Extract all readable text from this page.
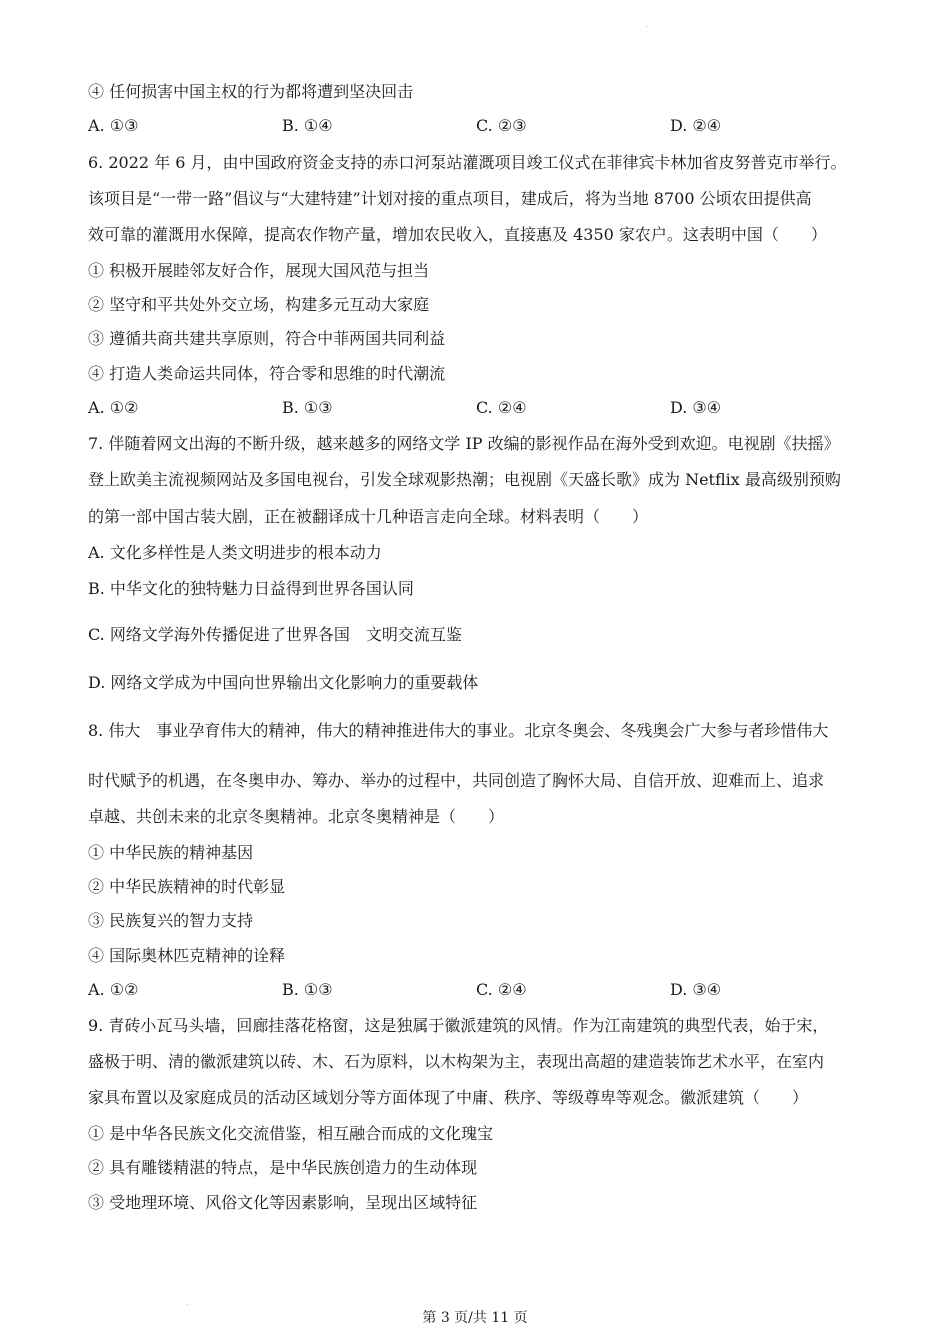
.
④ 任何损害中国主权的行为都将遭到坚决回击
A. ①③	B. ①④	C. ②③	D. ②④
6. 2022 年 6 月，由中国政府资金支持的赤口河泵站灌溉项目竣工仪式在菲律宾卡林加省皮努普克市举行。
该项目是“一带一路”倡议与“大建特建”计划对接的重点项目，建成后，将为当地 8700 公顷农田提供高
效可靠的灌溉用水保障，提高农作物产量，增加农民收入，直接惠及 4350 家农户。这表明中国（　　）
① 积极开展睦邻友好合作，展现大国风范与担当
② 坚守和平共处外交立场，构建多元互动大家庭
③ 遵循共商共建共享原则，符合中菲两国共同利益
④ 打造人类命运共同体，符合零和思维的时代潮流
A. ①②	B. ①③	C. ②④	D. ③④
7. 伴随着网文出海的不断升级，越来越多的网络文学 IP 改编的影视作品在海外受到欢迎。电视剧《扶摇》
登上欧美主流视频网站及多国电视台，引发全球观影热潮；电视剧《天盛长歌》成为 Netflix 最高级别预购
的第一部中国古装大剧，正在被翻译成十几种语言走向全球。材料表明（　　）
A. 文化多样性是人类文明进步的根本动力
B. 中华文化的独特魅力日益得到世界各国认同
C. 网络文学海外传播促进了世界各国　文明交流互鉴
D. 网络文学成为中国向世界输出文化影响力的重要载体
8. 伟大　事业孕育伟大的精神，伟大的精神推进伟大的事业。北京冬奥会、冬残奥会广大参与者珍惜伟大
时代赋予的机遇，在冬奥申办、筹办、举办的过程中，共同创造了胸怀大局、自信开放、迎难而上、追求
卓越、共创未来的北京冬奥精神。北京冬奥精神是（　　）
① 中华民族的精神基因
② 中华民族精神的时代彰显
③ 民族复兴的智力支持
④ 国际奥林匹克精神的诠释
A. ①②	B. ①③	C. ②④	D. ③④
9. 青砖小瓦马头墙，回廊挂落花格窗，这是独属于徽派建筑的风情。作为江南建筑的典型代表，始于宋，
盛极于明、清的徽派建筑以砖、木、石为原料，以木构架为主，表现出高超的建造装饰艺术水平，在室内
家具布置以及家庭成员的活动区域划分等方面体现了中庸、秩序、等级尊卑等观念。徽派建筑（　　）
① 是中华各民族文化交流借鉴，相互融合而成的文化瑰宝
② 具有雕镂精湛的特点，是中华民族创造力的生动体现
③ 受地理环境、风俗文化等因素影响，呈现出区域特征
.
第 3 页/共 11 页
